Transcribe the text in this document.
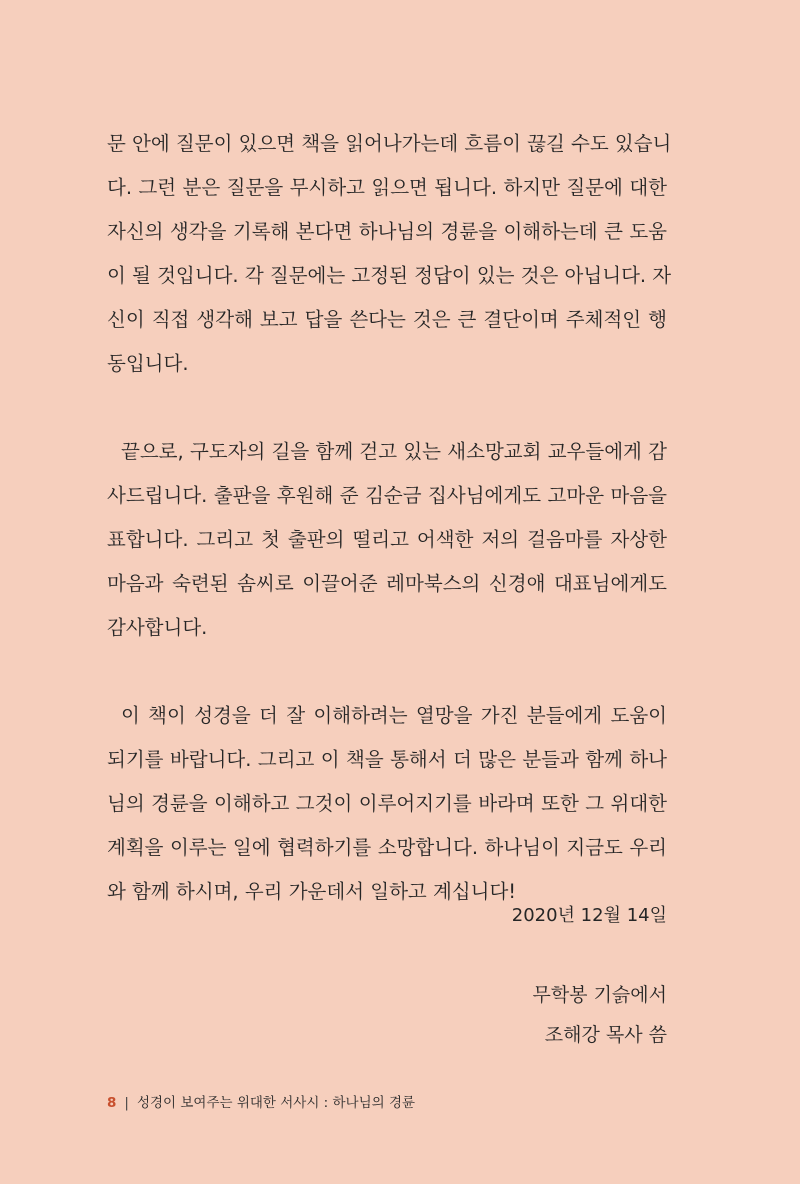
문 안에 질문이 있으면 책을 읽어나가는데 흐름이 끊길 수도 있습니
다. 그런 분은 질문을 무시하고 읽으면 됩니다. 하지만 질문에 대한
자신의 생각을 기록해 본다면 하나님의 경륜을 이해하는데 큰 도움
이 될 것입니다. 각 질문에는 고정된 정답이 있는 것은 아닙니다. 자
신이 직접 생각해 보고 답을 쓴다는 것은 큰 결단이며 주체적인 행
동입니다.
끝으로, 구도자의 길을 함께 걷고 있는 새소망교회 교우들에게 감
사드립니다. 출판을 후원해 준 김순금 집사님에게도 고마운 마음을
표합니다. 그리고 첫 출판의 떨리고 어색한 저의 걸음마를 자상한
마음과 숙련된 솜씨로 이끌어준 레마북스의 신경애 대표님에게도
감사합니다.
이 책이 성경을 더 잘 이해하려는 열망을 가진 분들에게 도움이
되기를 바랍니다. 그리고 이 책을 통해서 더 많은 분들과 함께 하나
님의 경륜을 이해하고 그것이 이루어지기를 바라며 또한 그 위대한
계획을 이루는 일에 협력하기를 소망합니다. 하나님이 지금도 우리
와 함께 하시며, 우리 가운데서 일하고 계십니다!
2020년 12월 14일
무학봉 기슭에서
조해강 목사 씀
8 | 성경이 보여주는 위대한 서사시 : 하나님의 경륜
